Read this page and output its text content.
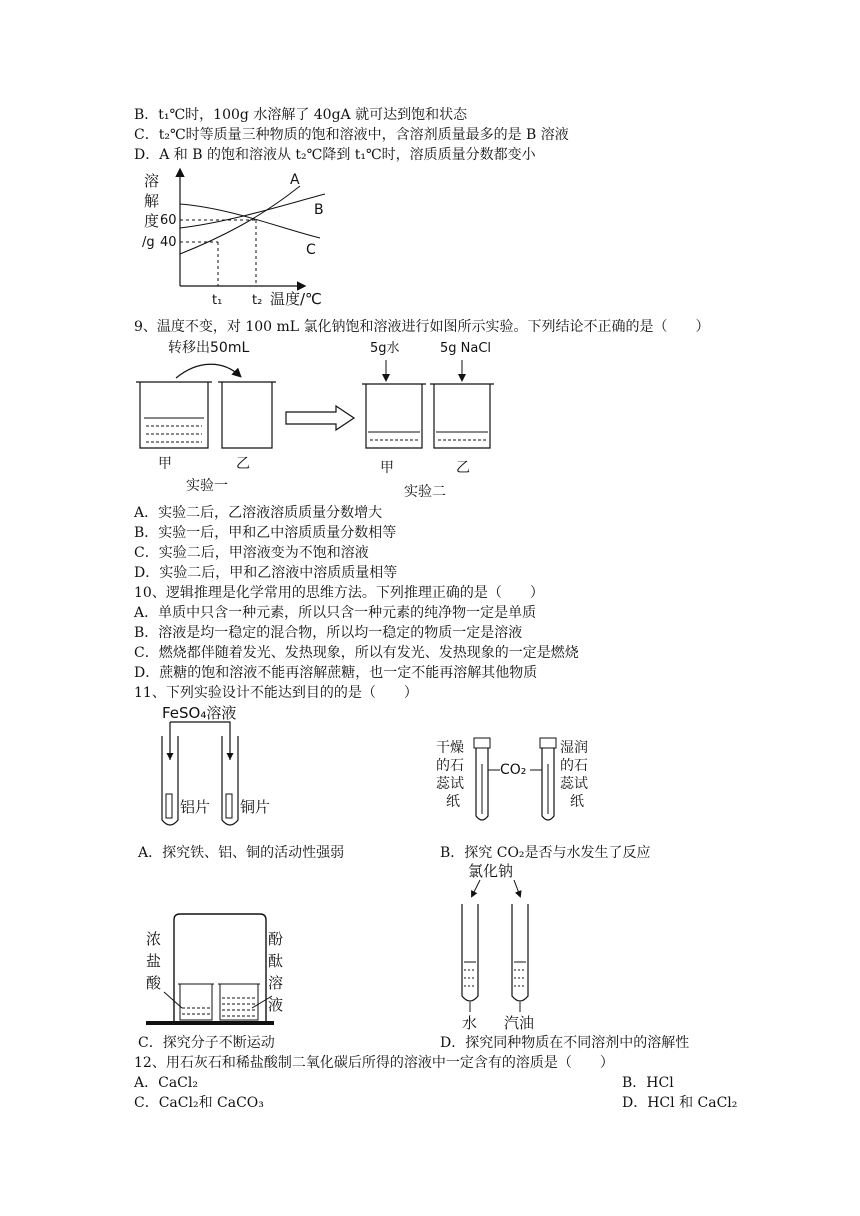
B．t₁℃时，100g 水溶解了 40gA 就可达到饱和状态
C．t₂℃时等质量三种物质的饱和溶液中，含溶剂质量最多的是 B 溶液
D．A 和 B 的饱和溶液从 t₂℃降到 t₁℃时，溶质质量分数都变小
溶
解
度 60
/g 40
A
B
C
t₁ t₂ 温度/℃
9、温度不变，对 100 mL 氯化钠饱和溶液进行如图所示实验。下列结论不正确的是（　　）
转移出50mL
甲	乙
实验一
5g水	5g NaCl
甲	乙
实验二
A．实验二后，乙溶液溶质质量分数增大
B．实验一后，甲和乙中溶质质量分数相等
C．实验二后，甲溶液变为不饱和溶液
D．实验二后，甲和乙溶液中溶质质量相等
10、逻辑推理是化学常用的思维方法。下列推理正确的是（　　）
A．单质中只含一种元素，所以只含一种元素的纯净物一定是单质
B．溶液是均一稳定的混合物，所以均一稳定的物质一定是溶液
C．燃烧都伴随着发光、发热现象，所以有发光、发热现象的一定是燃烧
D．蔗糖的饱和溶液不能再溶解蔗糖，也一定不能再溶解其他物质
11、下列实验设计不能达到目的的是（　　）
FeSO₄溶液
铝片 铜片
A．探究铁、铝、铜的活动性强弱
干燥
的石
蕊试
纸
CO₂
湿润
的石
蕊试
纸
B．探究 CO₂是否与水发生了反应
浓
盐
酸
酚
酞
溶
液
C．探究分子不断运动
氯化钠
水 汽油
D．探究同种物质在不同溶剂中的溶解性
12、用石灰石和稀盐酸制二氧化碳后所得的溶液中一定含有的溶质是（　　）
A．CaCl₂	B．HCl
C．CaCl₂和 CaCO₃	D．HCl 和 CaCl₂
